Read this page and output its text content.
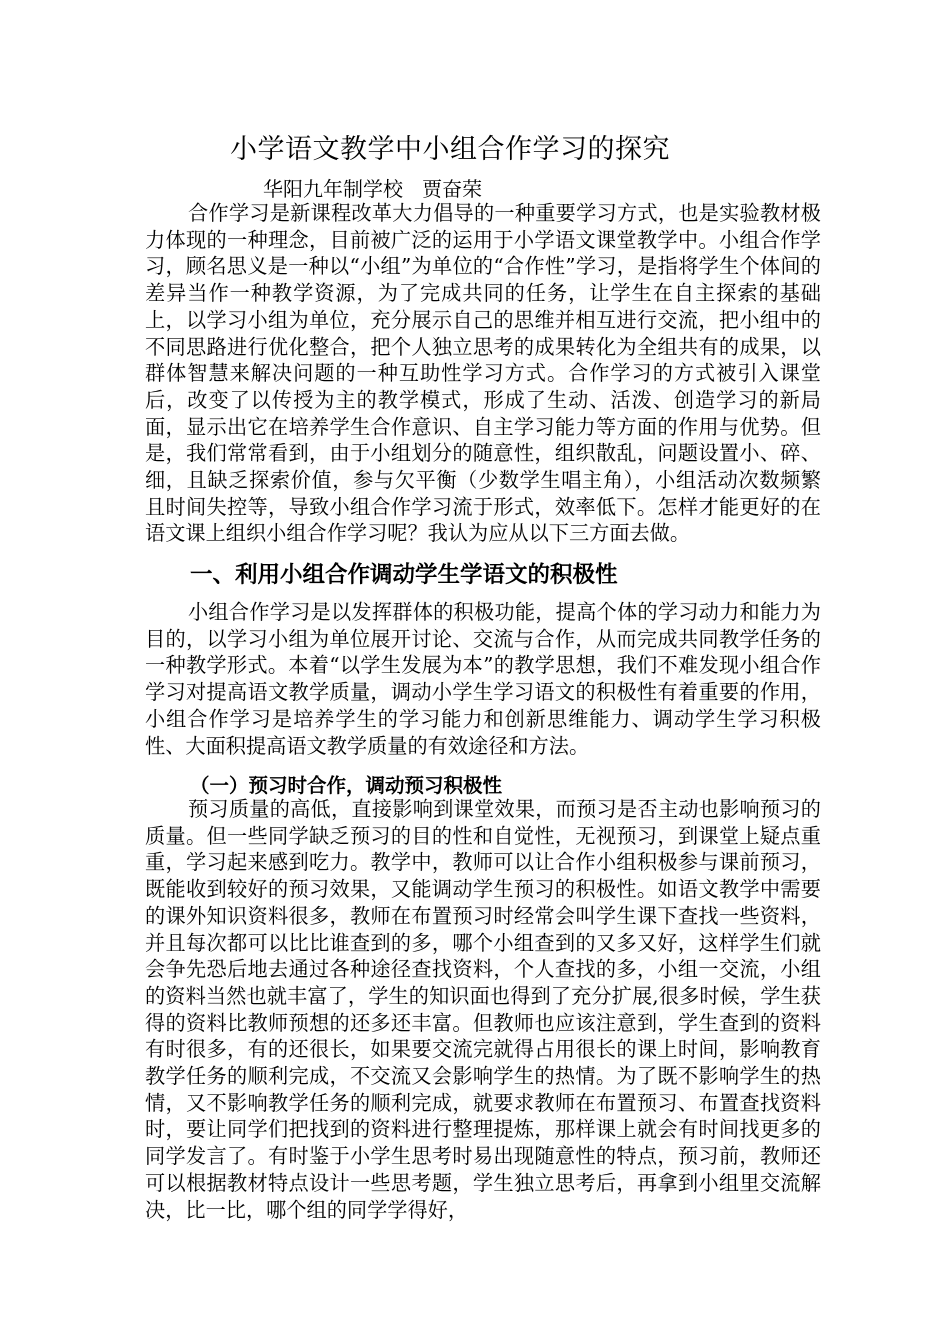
小学语文教学中小组合作学习的探究

华阳九年制学校   贾奋荣

合作学习是新课程改革大力倡导的一种重要学习方式，也是实验教材极力体现的一种理念，目前被广泛的运用于小学语文课堂教学中。小组合作学习，顾名思义是一种以“小组”为单位的“合作性”学习，是指将学生个体间的差异当作一种教学资源，为了完成共同的任务，让学生在自主探索的基础上，以学习小组为单位，充分展示自己的思维并相互进行交流，把小组中的不同思路进行优化整合，把个人独立思考的成果转化为全组共有的成果，以群体智慧来解决问题的一种互助性学习方式。合作学习的方式被引入课堂后，改变了以传授为主的教学模式，形成了生动、活泼、创造学习的新局面，显示出它在培养学生合作意识、自主学习能力等方面的作用与优势。但是，我们常常看到，由于小组划分的随意性，组织散乱，问题设置小、碎、细，且缺乏探索价值，参与欠平衡（少数学生唱主角），小组活动次数频繁且时间失控等，导致小组合作学习流于形式，效率低下。怎样才能更好的在语文课上组织小组合作学习呢？我认为应从以下三方面去做。

一、利用小组合作调动学生学语文的积极性

小组合作学习是以发挥群体的积极功能，提高个体的学习动力和能力为目的，以学习小组为单位展开讨论、交流与合作，从而完成共同教学任务的一种教学形式。本着“以学生发展为本”的教学思想，我们不难发现小组合作学习对提高语文教学质量，调动小学生学习语文的积极性有着重要的作用，小组合作学习是培养学生的学习能力和创新思维能力、调动学生学习积极性、大面积提高语文教学质量的有效途径和方法。

（一）预习时合作，调动预习积极性

预习质量的高低，直接影响到课堂效果，而预习是否主动也影响预习的质量。但一些同学缺乏预习的目的性和自觉性，无视预习，到课堂上疑点重重，学习起来感到吃力。教学中，教师可以让合作小组积极参与课前预习，既能收到较好的预习效果，又能调动学生预习的积极性。如语文教学中需要的课外知识资料很多，教师在布置预习时经常会叫学生课下查找一些资料，并且每次都可以比比谁查到的多，哪个小组查到的又多又好，这样学生们就会争先恐后地去通过各种途径查找资料，个人查找的多，小组一交流，小组的资料当然也就丰富了，学生的知识面也得到了充分扩展,很多时候，学生获得的资料比教师预想的还多还丰富。但教师也应该注意到，学生查到的资料有时很多，有的还很长，如果要交流完就得占用很长的课上时间，影响教育教学任务的顺利完成，不交流又会影响学生的热情。为了既不影响学生的热情，又不影响教学任务的顺利完成，就要求教师在布置预习、布置查找资料时，要让同学们把找到的资料进行整理提炼，那样课上就会有时间找更多的同学发言了。有时鉴于小学生思考时易出现随意性的特点，预习前，教师还可以根据教材特点设计一些思考题，学生独立思考后，再拿到小组里交流解决，比一比，哪个组的同学学得好，
